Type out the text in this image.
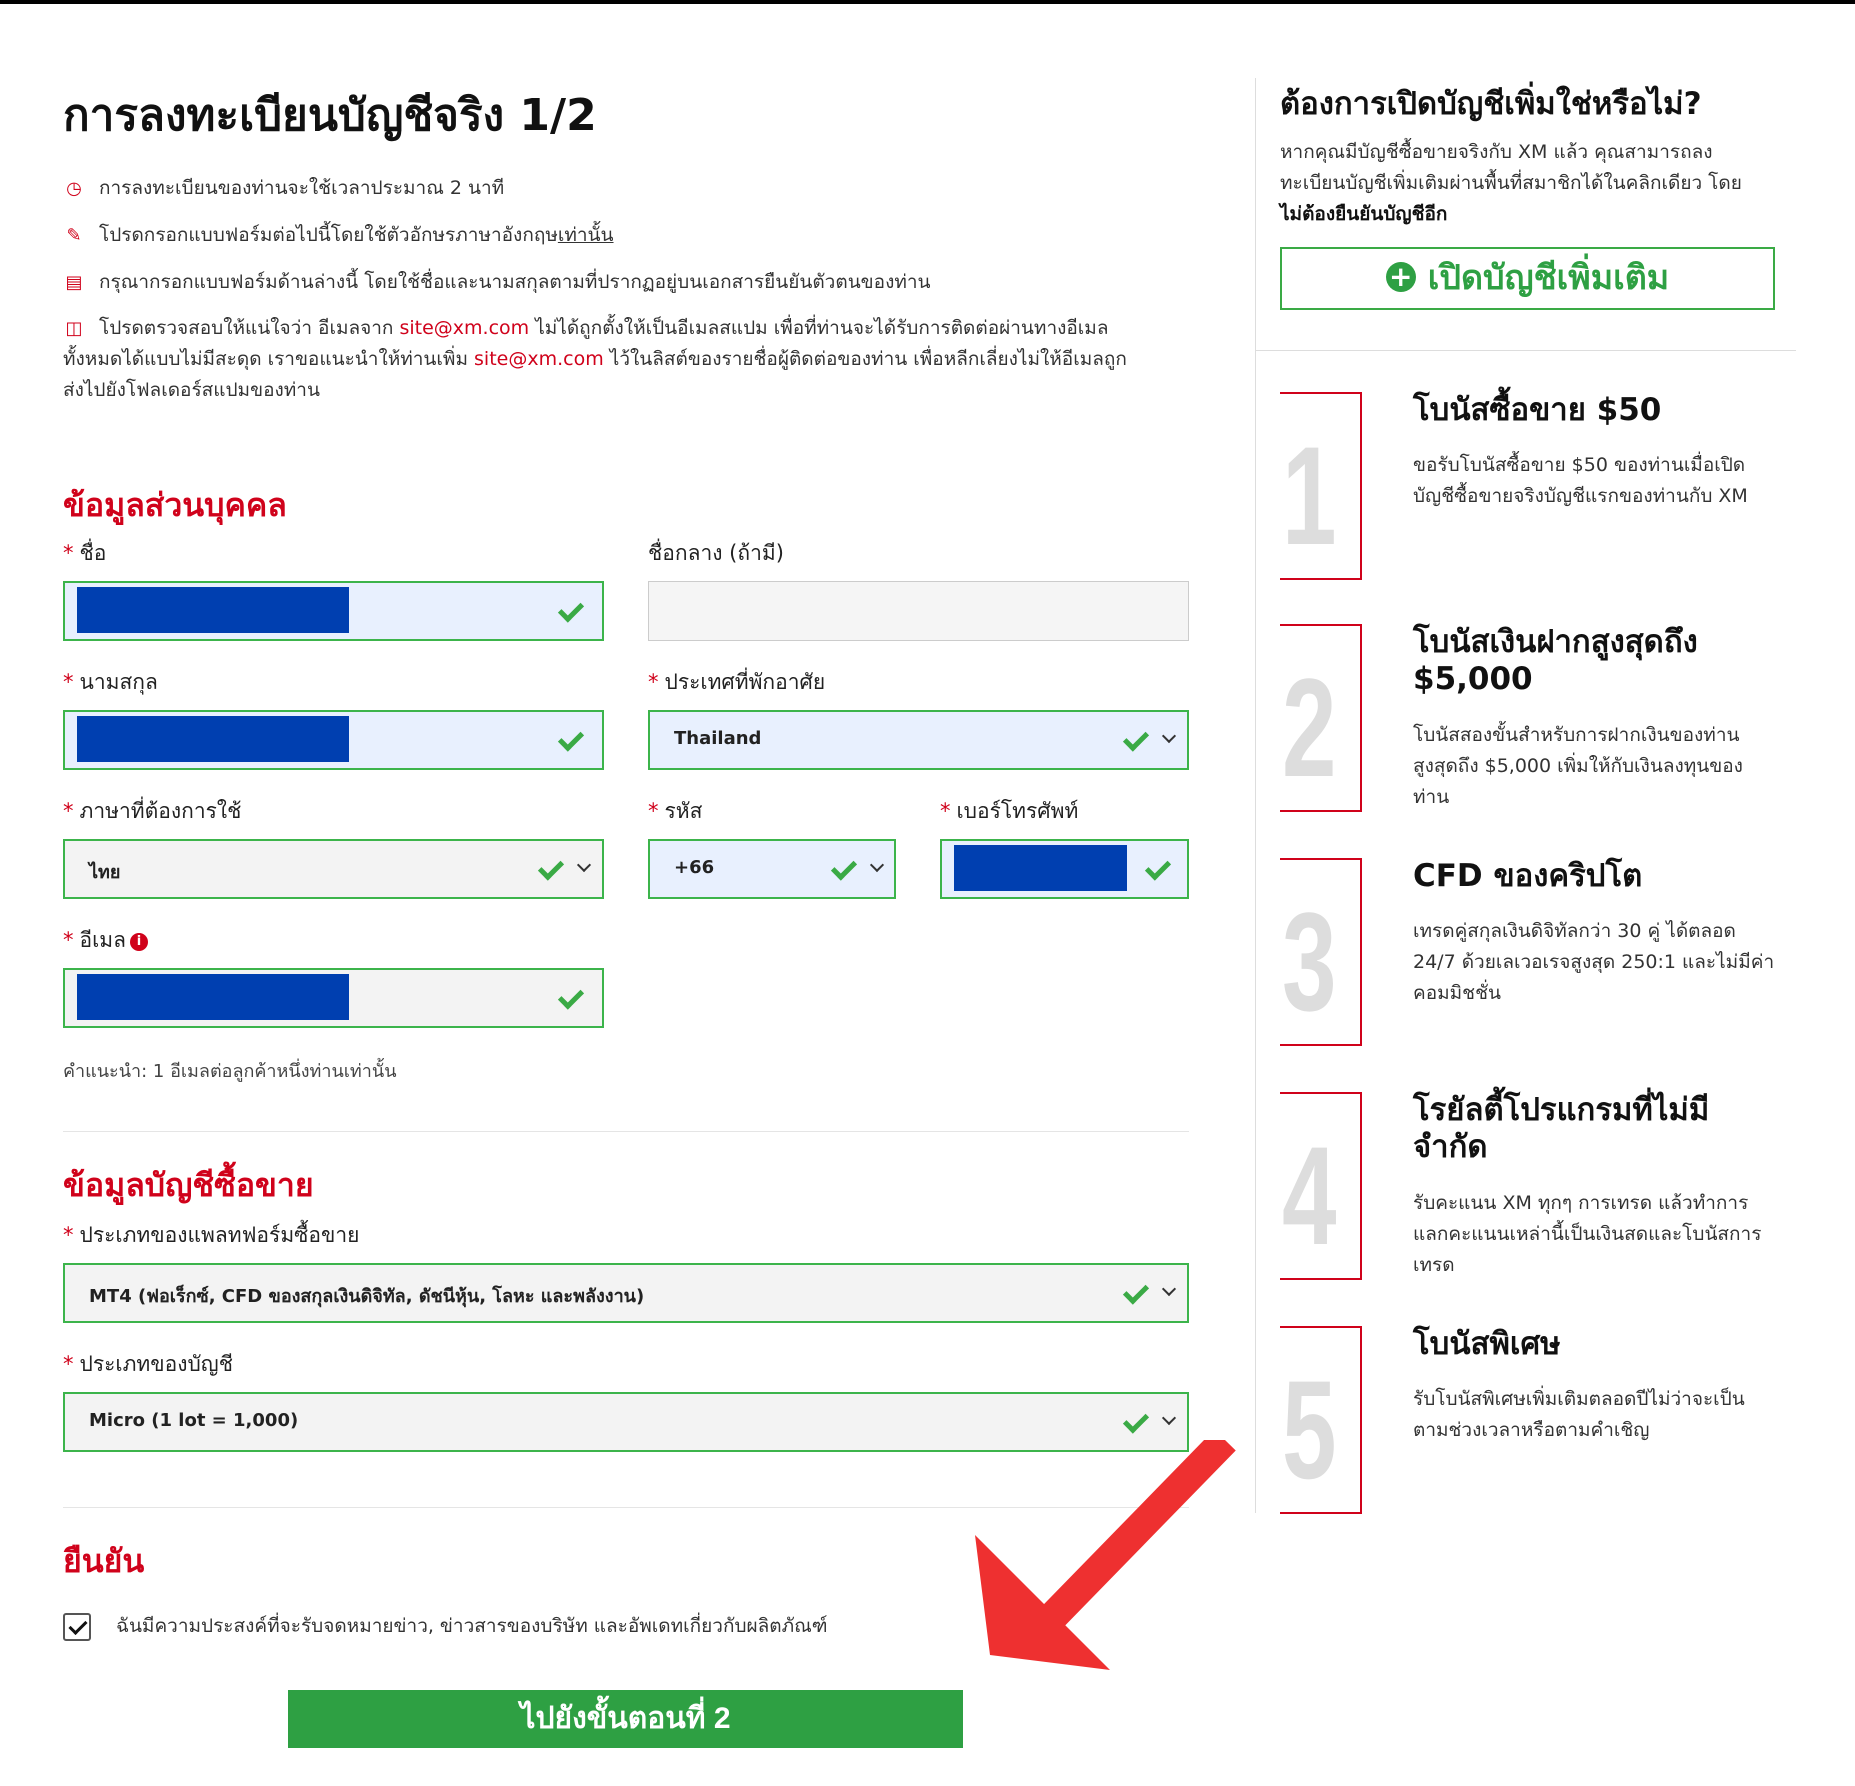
การลงทะเบียนบัญชีจริง 1/2
◷ การลงทะเบียนของท่านจะใช้เวลาประมาณ 2 นาที
✎ โปรดกรอกแบบฟอร์มต่อไปนี้โดยใช้ตัวอักษรภาษาอังกฤษเท่านั้น
▤ กรุณากรอกแบบฟอร์มด้านล่างนี้ โดยใช้ชื่อและนามสกุลตามที่ปรากฏอยู่บนเอกสารยืนยันตัวตนของท่าน
◫ โปรดตรวจสอบให้แน่ใจว่า อีเมลจาก site@xm.com ไม่ได้ถูกตั้งให้เป็นอีเมลสแปม เพื่อที่ท่านจะได้รับการติดต่อผ่านทางอีเมล
ทั้งหมดได้แบบไม่มีสะดุด เราขอแนะนำให้ท่านเพิ่ม site@xm.com ไว้ในลิสต์ของรายชื่อผู้ติดต่อของท่าน เพื่อหลีกเลี่ยงไม่ให้อีเมลถูก
ส่งไปยังโฟลเดอร์สแปมของท่าน
ข้อมูลส่วนบุคคล
* ชื่อ	ชื่อกลาง (ถ้ามี)
* นามสกุล	* ประเทศที่พักอาศัย
Thailand
* ภาษาที่ต้องการใช้
ไทย
* รหัส
+66
* เบอร์โทรศัพท์
* อีเมล i
คำแนะนำ: 1 อีเมลต่อลูกค้าหนึ่งท่านเท่านั้น
ข้อมูลบัญชีซื้อขาย
* ประเภทของแพลทฟอร์มซื้อขาย
MT4 (ฟอเร็กซ์, CFD ของสกุลเงินดิจิทัล, ดัชนีหุ้น, โลหะ และพลังงาน)
* ประเภทของบัญชี
Micro (1 lot = 1,000)
ยืนยัน
ฉันมีความประสงค์ที่จะรับจดหมายข่าว, ข่าวสารของบริษัท และอัพเดทเกี่ยวกับผลิตภัณฑ์
ไปยังขั้นตอนที่ 2
ต้องการเปิดบัญชีเพิ่มใช่หรือไม่?
หากคุณมีบัญชีซื้อขายจริงกับ XM แล้ว คุณสามารถลง
ทะเบียนบัญชีเพิ่มเติมผ่านพื้นที่สมาชิกได้ในคลิกเดียว โดย
ไม่ต้องยืนยันบัญชีอีก
+ เปิดบัญชีเพิ่มเติม
1
โบนัสซื้อขาย $50
ขอรับโบนัสซื้อขาย $50 ของท่านเมื่อเปิดบัญชีซื้อขายจริงบัญชีแรกของท่านกับ XM
2
โบนัสเงินฝากสูงสุดถึง $5,000
โบนัสสองขั้นสำหรับการฝากเงินของท่านสูงสุดถึง $5,000 เพิ่มให้กับเงินลงทุนของท่าน
3
CFD ของคริปโต
เทรดคู่สกุลเงินดิจิทัลกว่า 30 คู่ ได้ตลอด 24/7 ด้วยเลเวอเรจสูงสุด 250:1 และไม่มีค่าคอมมิชชั่น
4
โรยัลตี้โปรแกรมที่ไม่มีจำกัด
รับคะแนน XM ทุกๆ การเทรด แล้วทำการแลกคะแนนเหล่านี้เป็นเงินสดและโบนัสการเทรด
5
โบนัสพิเศษ
รับโบนัสพิเศษเพิ่มเติมตลอดปีไม่ว่าจะเป็นตามช่วงเวลาหรือตามคำเชิญ
